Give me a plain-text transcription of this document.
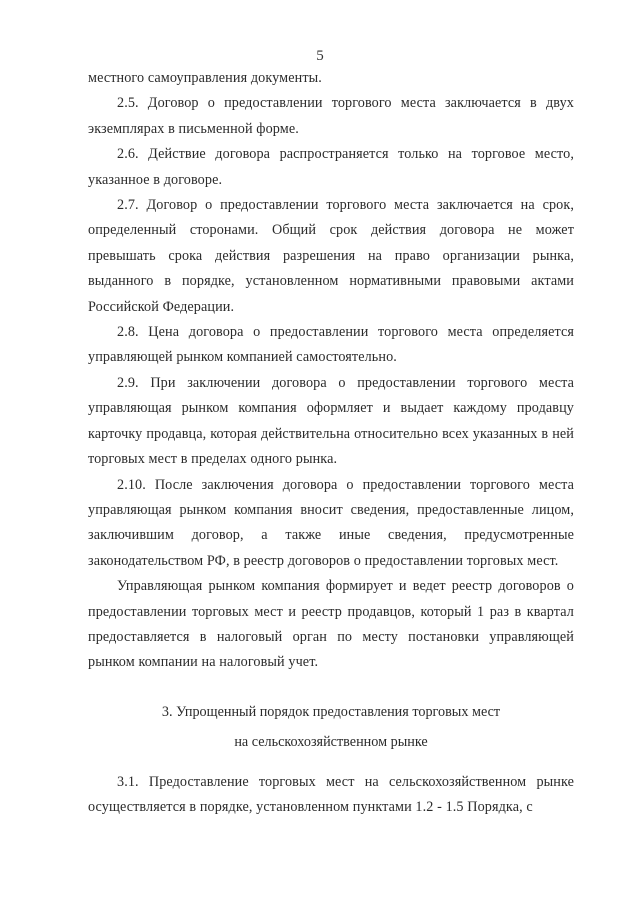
5

местного самоуправления документы.

2.5. Договор о предоставлении торгового места заключается в двух экземплярах в письменной форме.

2.6. Действие договора распространяется только на торговое место, указанное в договоре.

2.7. Договор о предоставлении торгового места заключается на срок, определенный сторонами. Общий срок действия договора не может превышать срока действия разрешения на право организации рынка, выданного в порядке, установленном нормативными правовыми актами Российской Федерации.

2.8. Цена договора о предоставлении торгового места определяется управляющей рынком компанией самостоятельно.

2.9. При заключении договора о предоставлении торгового места управляющая рынком компания оформляет и выдает каждому продавцу карточку продавца, которая действительна относительно всех указанных в ней торговых мест в пределах одного рынка.

2.10. После заключения договора о предоставлении торгового места управляющая рынком компания вносит сведения, предоставленные лицом, заключившим договор, а также иные сведения, предусмотренные законодательством РФ, в реестр договоров о предоставлении торговых мест.

Управляющая рынком компания формирует и ведет реестр договоров о предоставлении торговых мест и реестр продавцов, который 1 раз в квартал предоставляется в налоговый орган по месту постановки управляющей рынком компании на налоговый учет.

3. Упрощенный порядок предоставления торговых мест
на сельскохозяйственном рынке

3.1. Предоставление торговых мест на сельскохозяйственном рынке осуществляется в порядке, установленном пунктами 1.2 - 1.5 Порядка, с
